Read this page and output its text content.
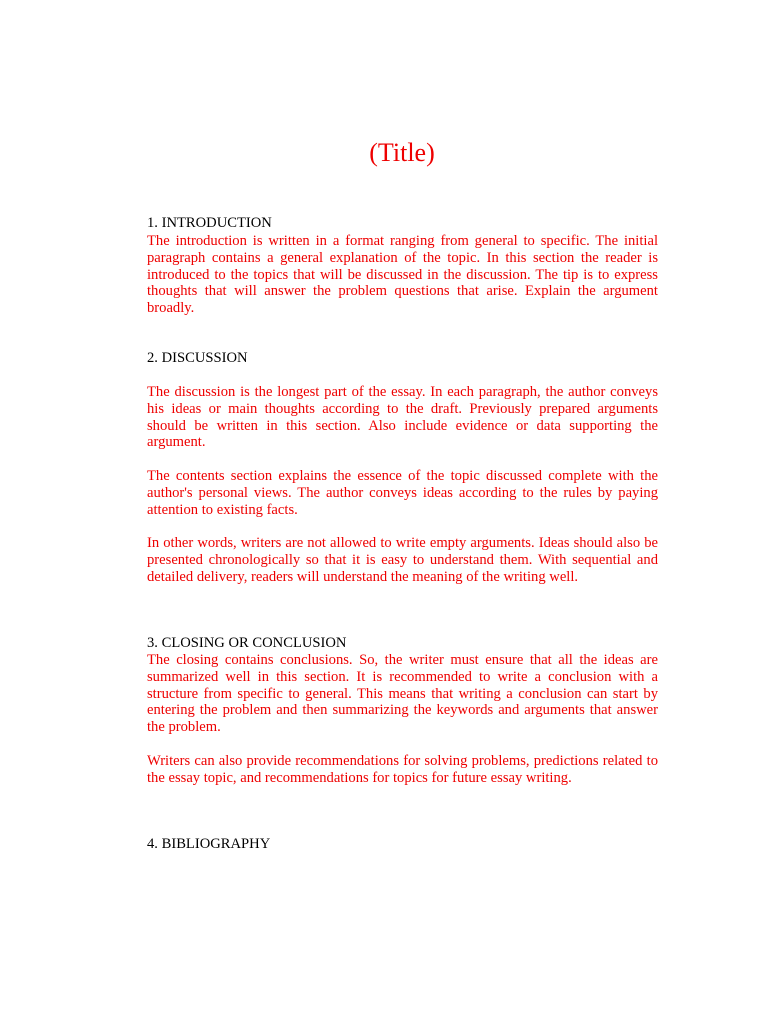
(Title)
1. INTRODUCTION

The introduction is written in a format ranging from general to specific. The initial paragraph contains a general explanation of the topic. In this section the reader is introduced to the topics that will be discussed in the discussion. The tip is to express thoughts that will answer the problem questions that arise. Explain the argument broadly.

2. DISCUSSION

The discussion is the longest part of the essay. In each paragraph, the author conveys his ideas or main thoughts according to the draft. Previously prepared arguments should be written in this section. Also include evidence or data supporting the argument.

The contents section explains the essence of the topic discussed complete with the author's personal views. The author conveys ideas according to the rules by paying attention to existing facts.

In other words, writers are not allowed to write empty arguments. Ideas should also be presented chronologically so that it is easy to understand them. With sequential and detailed delivery, readers will understand the meaning of the writing well.

3. CLOSING OR CONCLUSION

The closing contains conclusions. So, the writer must ensure that all the ideas are summarized well in this section. It is recommended to write a conclusion with a structure from specific to general. This means that writing a conclusion can start by entering the problem and then summarizing the keywords and arguments that answer the problem.

Writers can also provide recommendations for solving problems, predictions related to the essay topic, and recommendations for topics for future essay writing.

4. BIBLIOGRAPHY
